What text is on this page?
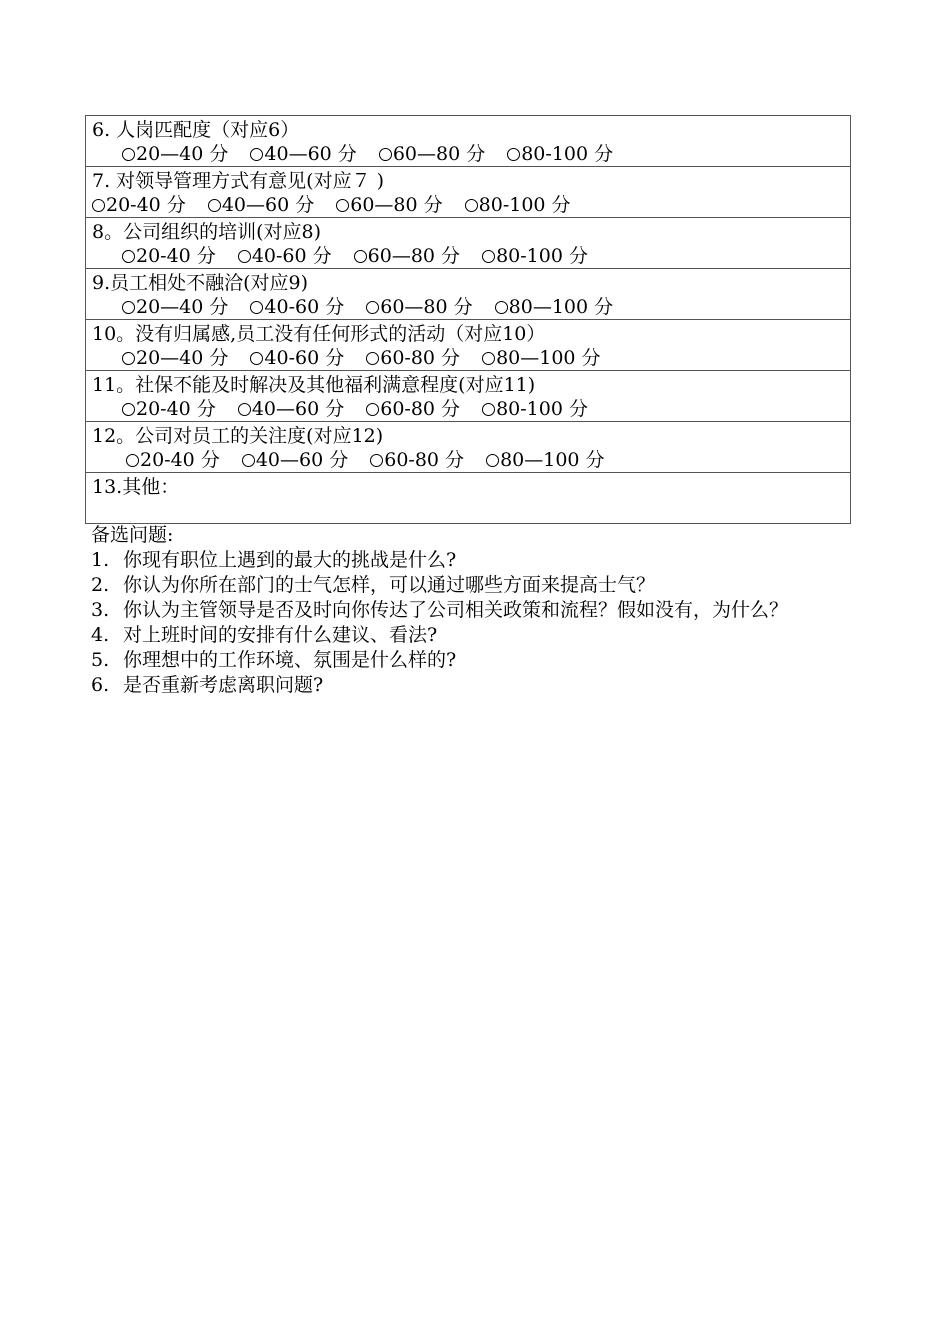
6. 人岗匹配度（对应6）
20—40 分 40—60 分 60—80 分 80-100 分
7. 对领导管理方式有意见(对应７ )
20-40 分 40—60 分 60—80 分 80-100 分
8。公司组织的培训(对应8)
20-40 分 40-60 分 60—80 分 80-100 分
9.员工相处不融洽(对应9)
20—40 分 40-60 分 60—80 分 80—100 分
10。没有归属感,员工没有任何形式的活动（对应10）
20—40 分 40-60 分 60-80 分 80—100 分
11。社保不能及时解决及其他福利满意程度(对应11)
20-40 分 40—60 分 60-80 分 80-100 分
12。公司对员工的关注度(对应12)
20-40 分 40—60 分 60-80 分 80—100 分
13.其他：
备选问题:
1. 你现有职位上遇到的最大的挑战是什么?
2. 你认为你所在部门的士气怎样，可以通过哪些方面来提高士气？
3. 你认为主管领导是否及时向你传达了公司相关政策和流程？假如没有，为什么？
4. 对上班时间的安排有什么建议、看法?
5. 你理想中的工作环境、氛围是什么样的?
6. 是否重新考虑离职问题?
